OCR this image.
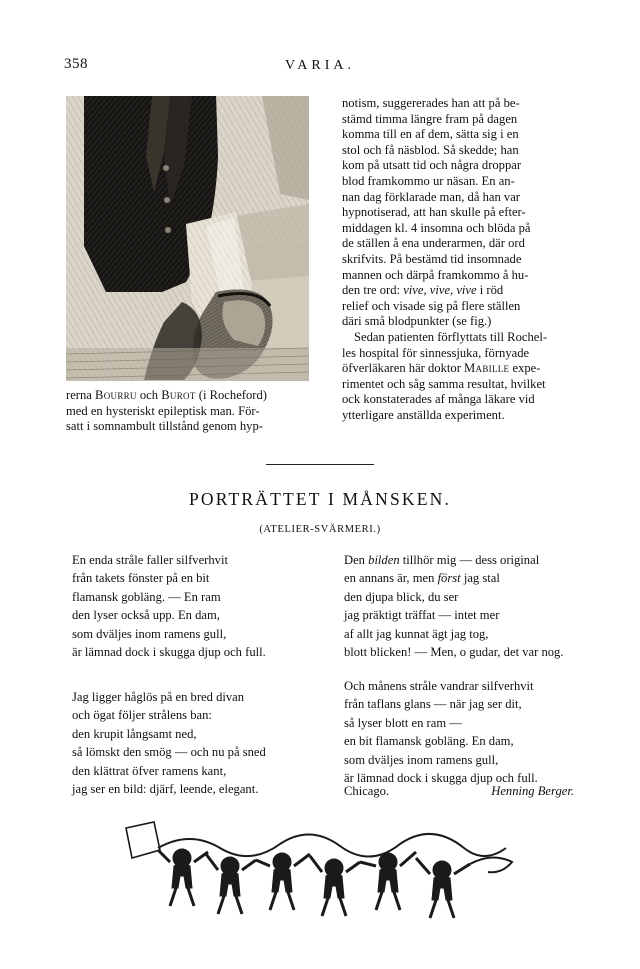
358	VARIA.
rerna Bourru och Burot (i Rocheford)
med en hysteriskt epileptisk man. För-
satt i somnambult tillstånd genom hyp-
notism, suggererades han att på be-
stämd timma längre fram på dagen
komma till en af dem, sätta sig i en
stol och få näsblod. Så skedde; han
kom på utsatt tid och några droppar
blod framkommo ur näsan. En an-
nan dag förklarade man, då han var
hypnotiserad, att han skulle på efter-
middagen kl. 4 insomna och blöda på
de ställen å ena underarmen, där ord
skrifvits. På bestämd tid insomnade
mannen och därpå framkommo å hu-
den tre ord: vive, vive, vive i röd
relief och visade sig på flere ställen
däri små blodpunkter (se fig.)
Sedan patienten förflyttats till Rochel-
les hospital för sinnessjuka, förnyade
öfverläkaren här doktor Mabille expe-
rimentet och såg samma resultat, hvilket
ock konstaterades af många läkare vid
ytterligare anställda experiment.
PORTRÄTTET I MÅNSKEN.
(ATELIER-SVÄRMERI.)
En enda stråle faller silfverhvit
från takets fönster på en bit
flamansk gobläng. — En ram
den lyser också upp. En dam,
som dväljes inom ramens gull,
är lämnad dock i skugga djup och full.
Jag ligger håglös på en bred divan
och ögat följer strålens ban:
den krupit långsamt ned,
så lömskt den smög — och nu på sned
den klättrat öfver ramens kant,
jag ser en bild: djärf, leende, elegant.
Den bilden tillhör mig — dess original
en annans är, men först jag stal
den djupa blick, du ser
jag präktigt träffat — intet mer
af allt jag kunnat ägt jag tog,
blott blicken! — Men, o gudar, det var nog.
Och månens stråle vandrar silfverhvit
från taflans glans — när jag ser dit,
så lyser blott en ram —
en bit flamansk gobläng. En dam,
som dväljes inom ramens gull,
är lämnad dock i skugga djup och full.
Chicago.	Henning Berger.
